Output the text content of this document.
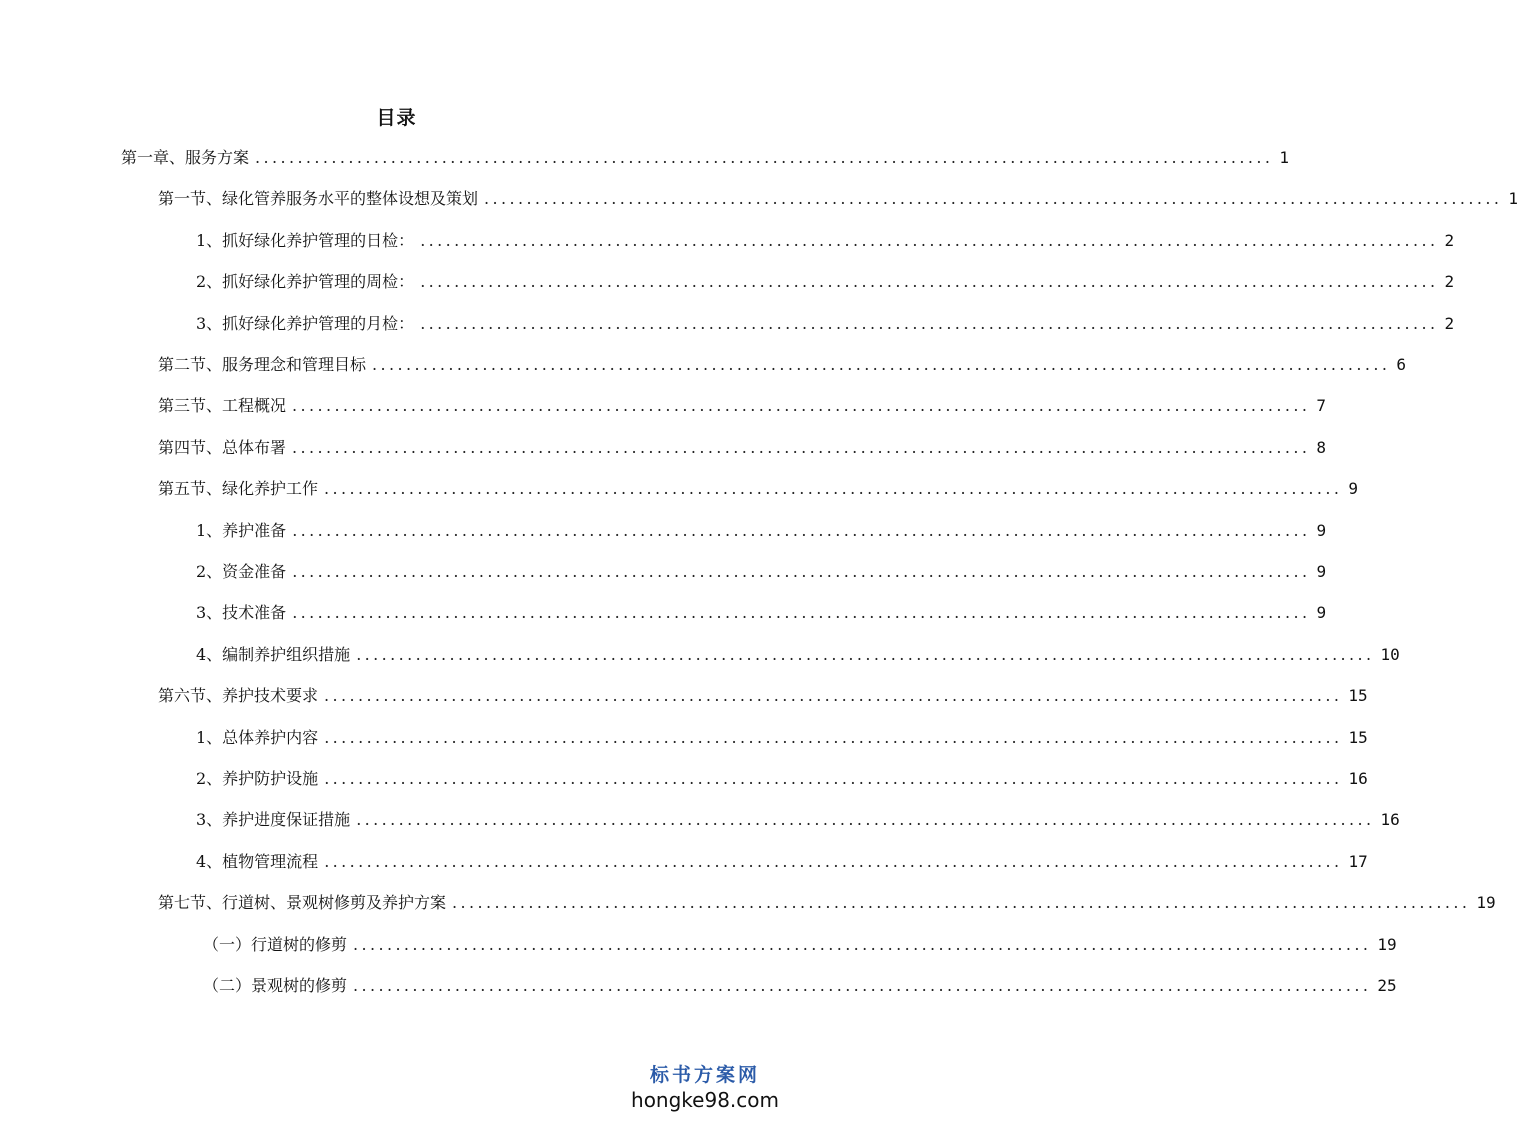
目录
第一章、服务方案 ........................................................................................................................ 1
第一节、绿化管养服务水平的整体设想及策划 ........................................................................................................................ 1
1、抓好绿化养护管理的日检： ........................................................................................................................ 2
2、抓好绿化养护管理的周检： ........................................................................................................................ 2
3、抓好绿化养护管理的月检： ........................................................................................................................ 2
第二节、服务理念和管理目标 ........................................................................................................................ 6
第三节、工程概况 ........................................................................................................................ 7
第四节、总体布署 ........................................................................................................................ 8
第五节、绿化养护工作 ........................................................................................................................ 9
1、养护准备 ........................................................................................................................ 9
2、资金准备 ........................................................................................................................ 9
3、技术准备 ........................................................................................................................ 9
4、编制养护组织措施 ........................................................................................................................ 10
第六节、养护技术要求 ........................................................................................................................ 15
1、总体养护内容 ........................................................................................................................ 15
2、养护防护设施 ........................................................................................................................ 16
3、养护进度保证措施 ........................................................................................................................ 16
4、植物管理流程 ........................................................................................................................ 17
第七节、行道树、景观树修剪及养护方案 ........................................................................................................................ 19
（一）行道树的修剪 ........................................................................................................................ 19
（二）景观树的修剪 ........................................................................................................................ 25
标书方案网
hongke98.com
